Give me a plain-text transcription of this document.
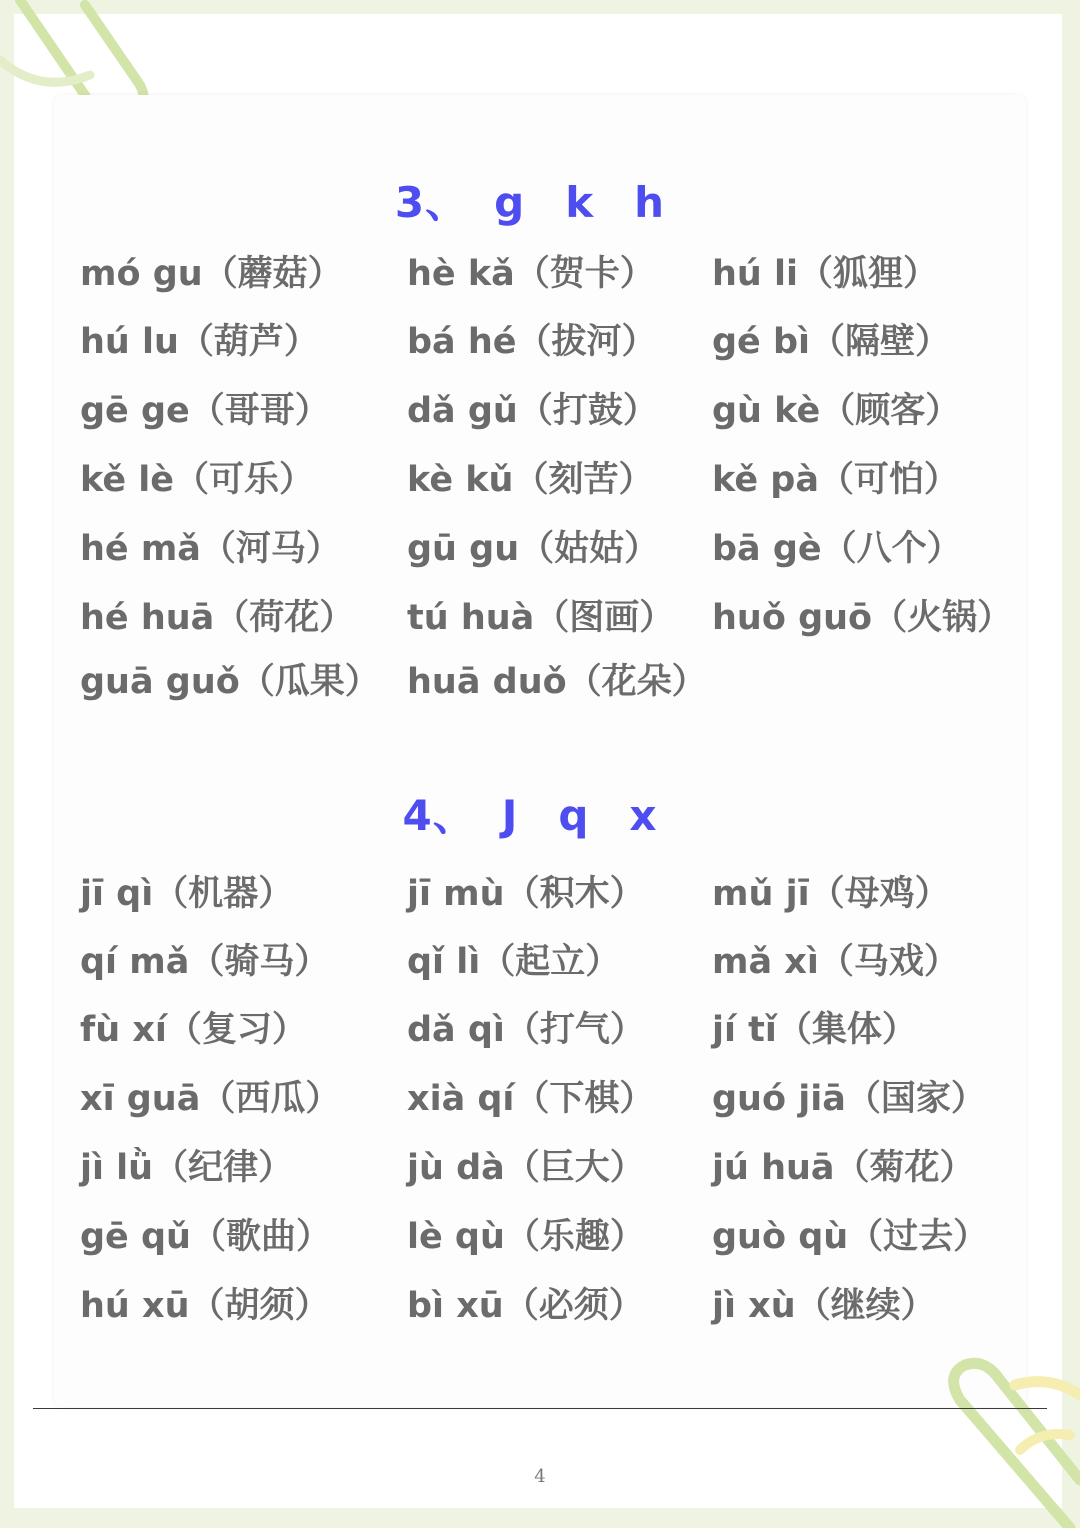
3、 g k h
mó gu（蘑菇） hè kǎ（贺卡） hú li（狐狸）
hú lu（葫芦）	bá hé（拔河） gé bì（隔壁）
gē ge（哥哥） dǎ gǔ（打鼓） gù kè（顾客）
kě lè（可乐）	kè kǔ（刻苦） kě pà（可怕）
hé mǎ（河马） gū gu（姑姑） bā gè（八个）
hé huā（荷花） tú huà（图画） huǒ guō（火锅）
guā guǒ（瓜果） huā duǒ（花朵）
4、 J q x
jī qì（机器）	jī mù（积木） mǔ jī（母鸡）
qí mǎ（骑马） qǐ lì（起立）	mǎ xì（马戏）
fù xí（复习）	dǎ qì（打气） jí tǐ（集体）
xī guā（西瓜） xià qí（下棋） guó jiā（国家）
jì lǜ（纪律）	jù dà（巨大） jú huā（菊花）
gē qǔ（歌曲） lè qù（乐趣） guò qù（过去）
hú xū（胡须） bì xū（必须） jì xù（继续）
4
